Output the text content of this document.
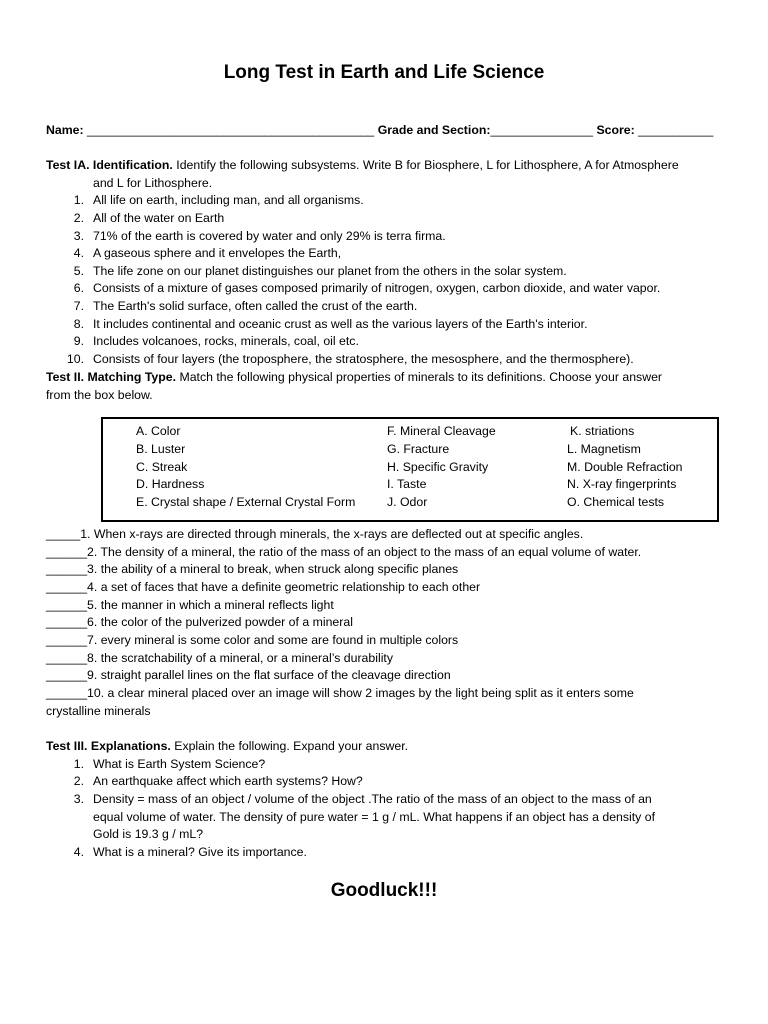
Long Test in Earth and Life Science
Name: __________________________________________ Grade and Section:_______________ Score: ___________
Test IA. Identification. Identify the following subsystems. Write B for Biosphere, L for Lithosphere, A for Atmosphere
and L for Lithosphere.
1. All life on earth, including man, and all organisms.
2. All of the water on Earth
3. 71% of the earth is covered by water and only 29% is terra firma.
4. A gaseous sphere and it envelopes the Earth,
5. The life zone on our planet distinguishes our planet from the others in the solar system.
6. Consists of a mixture of gases composed primarily of nitrogen, oxygen, carbon dioxide, and water vapor.
7. The Earth's solid surface, often called the crust of the earth.
8. It includes continental and oceanic crust as well as the various layers of the Earth's interior.
9. Includes volcanoes, rocks, minerals, coal, oil etc.
10. Consists of four layers (the troposphere, the stratosphere, the mesosphere, and the thermosphere).
Test II. Matching Type. Match the following physical properties of minerals to its definitions. Choose your answer
from the box below.
A. Color
B. Luster
C. Streak
D. Hardness
E. Crystal shape / External Crystal Form
F. Mineral Cleavage
G. Fracture
H. Specific Gravity
I. Taste
J. Odor
K. striations
L. Magnetism
M. Double Refraction
N. X-ray fingerprints
O. Chemical tests
_____1. When x-rays are directed through minerals, the x-rays are deflected out at specific angles.
______2. The density of a mineral, the ratio of the mass of an object to the mass of an equal volume of water.
______3. the ability of a mineral to break, when struck along specific planes
______4. a set of faces that have a definite geometric relationship to each other
______5. the manner in which a mineral reflects light
______6. the color of the pulverized powder of a mineral
______7. every mineral is some color and some are found in multiple colors
______8. the scratchability of a mineral, or a mineral’s durability
______9. straight parallel lines on the flat surface of the cleavage direction
______10. a clear mineral placed over an image will show 2 images by the light being split as it enters some
crystalline minerals
Test III. Explanations. Explain the following. Expand your answer.
1. What is Earth System Science?
2. An earthquake affect which earth systems? How?
3. Density = mass of an object / volume of the object .The ratio of the mass of an object to the mass of an
equal volume of water. The density of pure water = 1 g / mL. What happens if an object has a density of
Gold is 19.3 g / mL?
4. What is a mineral? Give its importance.
Goodluck!!!
